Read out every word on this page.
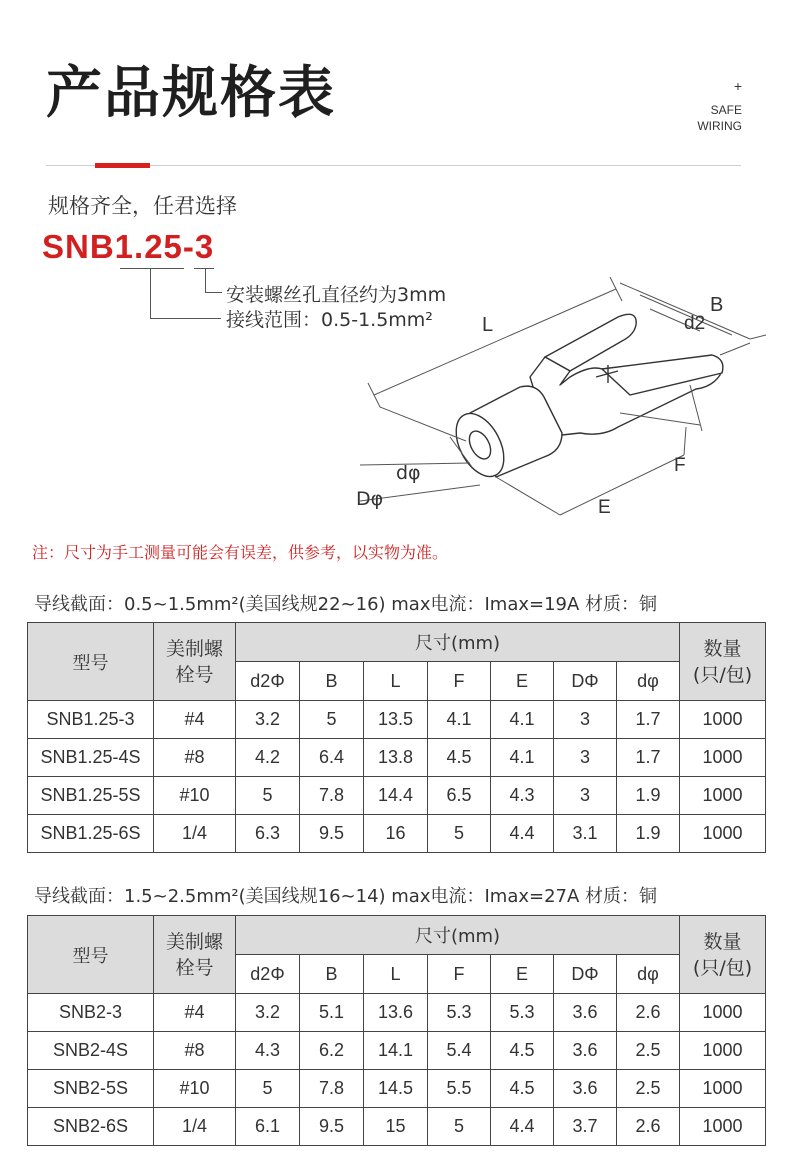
产品规格表	+
SAFE
WIRING
规格齐全，任君选择
SNB1.25-3
安装螺丝孔直径约为3mm
接线范围：0.5-1.5mm² L
B
d2
F
E
dφ
Dφ
注：尺寸为手工测量可能会有误差，供参考，以实物为准。
导线截面：0.5~1.5mm²(美国线规22~16) max电流：Imax=19A 材质：铜
型号	美制螺
栓号	尺寸(mm)							数量
(只/包)
		d2Φ	B	L	F	E	DΦ	dφ	
SNB1.25-3	#4	3.2	5	13.5	4.1	4.1	3	1.7	1000
SNB1.25-4S	#8	4.2	6.4	13.8	4.5	4.1	3	1.7	1000
SNB1.25-5S	#10	5	7.8	14.4	6.5	4.3	3	1.9	1000
SNB1.25-6S	1/4	6.3	9.5	16	5	4.4	3.1	1.9	1000
导线截面：1.5~2.5mm²(美国线规16~14) max电流：Imax=27A 材质：铜
型号	美制螺
栓号	尺寸(mm)							数量
(只/包)
		d2Φ	B	L	F	E	DΦ	dφ	
SNB2-3	#4	3.2	5.1	13.6	5.3	5.3	3.6	2.6	1000
SNB2-4S	#8	4.3	6.2	14.1	5.4	4.5	3.6	2.5	1000
SNB2-5S	#10	5	7.8	14.5	5.5	4.5	3.6	2.5	1000
SNB2-6S	1/4	6.1	9.5	15	5	4.4	3.7	2.6	1000
